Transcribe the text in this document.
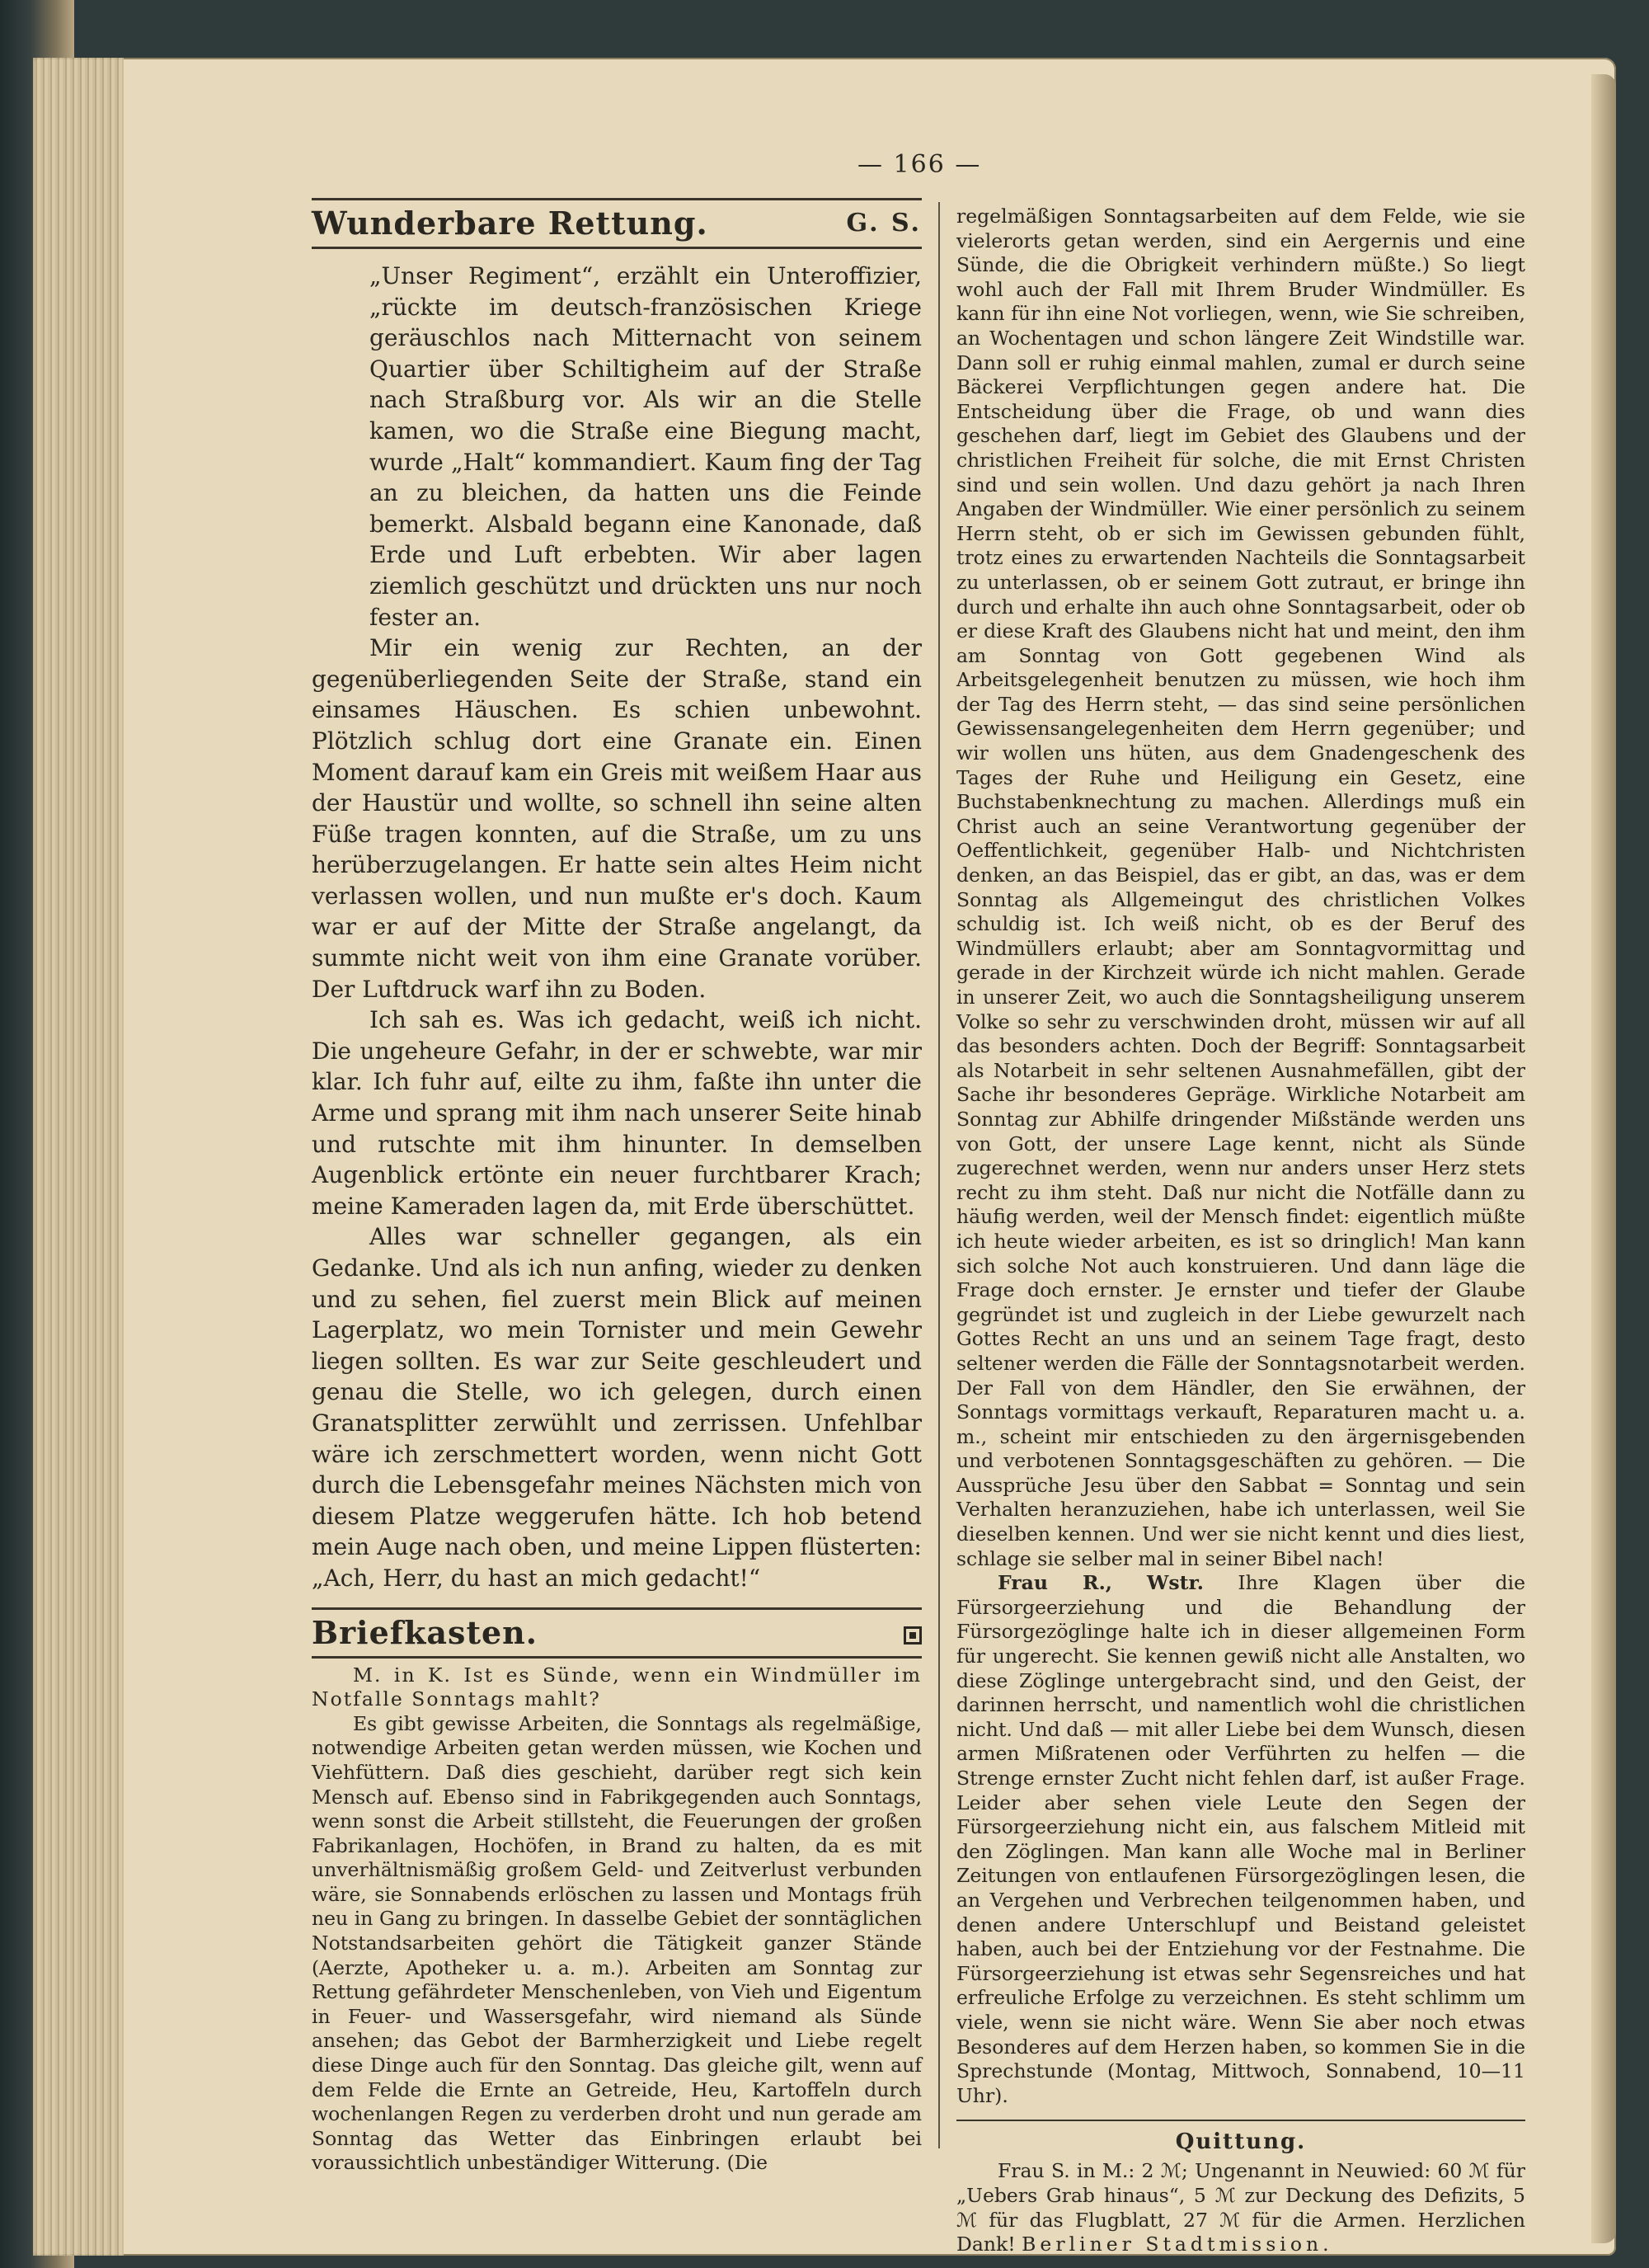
— 166 —
Wunderbare Rettung.	G. S.

„Unser Regiment“, erzählt ein Unteroffizier, „rückte im deutsch-französischen Kriege geräuschlos nach Mitternacht von seinem Quartier über Schiltigheim auf der Straße nach Straßburg vor. Als wir an die Stelle kamen, wo die Straße eine Biegung macht, wurde „Halt“ kommandiert. Kaum fing der Tag an zu bleichen, da hatten uns die Feinde bemerkt. Alsbald begann eine Kanonade, daß Erde und Luft erbebten. Wir aber lagen ziemlich geschützt und drückten uns nur noch fester an.

Mir ein wenig zur Rechten, an der gegenüberliegenden Seite der Straße, stand ein einsames Häuschen. Es schien unbewohnt. Plötzlich schlug dort eine Granate ein. Einen Moment darauf kam ein Greis mit weißem Haar aus der Haustür und wollte, so schnell ihn seine alten Füße tragen konnten, auf die Straße, um zu uns herüberzugelangen. Er hatte sein altes Heim nicht verlassen wollen, und nun mußte er's doch. Kaum war er auf der Mitte der Straße angelangt, da summte nicht weit von ihm eine Granate vorüber. Der Luftdruck warf ihn zu Boden.

Ich sah es. Was ich gedacht, weiß ich nicht. Die ungeheure Gefahr, in der er schwebte, war mir klar. Ich fuhr auf, eilte zu ihm, faßte ihn unter die Arme und sprang mit ihm nach unserer Seite hinab und rutschte mit ihm hinunter. In demselben Augenblick ertönte ein neuer furchtbarer Krach; meine Kameraden lagen da, mit Erde überschüttet.

Alles war schneller gegangen, als ein Gedanke. Und als ich nun anfing, wieder zu denken und zu sehen, fiel zuerst mein Blick auf meinen Lagerplatz, wo mein Tornister und mein Gewehr liegen sollten. Es war zur Seite geschleudert und genau die Stelle, wo ich gelegen, durch einen Granatsplitter zerwühlt und zerrissen. Unfehlbar wäre ich zerschmettert worden, wenn nicht Gott durch die Lebensgefahr meines Nächsten mich von diesem Platze weggerufen hätte. Ich hob betend mein Auge nach oben, und meine Lippen flüsterten: „Ach, Herr, du hast an mich gedacht!“

Briefkasten.

M. in K. Ist es Sünde, wenn ein Windmüller im Notfalle Sonntags mahlt?

Es gibt gewisse Arbeiten, die Sonntags als regelmäßige, notwendige Arbeiten getan werden müssen, wie Kochen und Viehfüttern. Daß dies geschieht, darüber regt sich kein Mensch auf. Ebenso sind in Fabrikgegenden auch Sonntags, wenn sonst die Arbeit stillsteht, die Feuerungen der großen Fabrikanlagen, Hochöfen, in Brand zu halten, da es mit unverhältnismäßig großem Geld- und Zeitverlust verbunden wäre, sie Sonnabends erlöschen zu lassen und Montags früh neu in Gang zu bringen. In dasselbe Gebiet der sonntäglichen Notstandsarbeiten gehört die Tätigkeit ganzer Stände (Aerzte, Apotheker u. a. m.). Arbeiten am Sonntag zur Rettung gefährdeter Menschenleben, von Vieh und Eigentum in Feuer- und Wassersgefahr, wird niemand als Sünde ansehen; das Gebot der Barmherzigkeit und Liebe regelt diese Dinge auch für den Sonntag. Das gleiche gilt, wenn auf dem Felde die Ernte an Getreide, Heu, Kartoffeln durch wochenlangen Regen zu verderben droht und nun gerade am Sonntag das Wetter das Einbringen erlaubt bei voraussichtlich unbeständiger Witterung. (Die

regelmäßigen Sonntagsarbeiten auf dem Felde, wie sie vielerorts getan werden, sind ein Aergernis und eine Sünde, die die Obrigkeit verhindern müßte.) So liegt wohl auch der Fall mit Ihrem Bruder Windmüller. Es kann für ihn eine Not vorliegen, wenn, wie Sie schreiben, an Wochentagen und schon längere Zeit Windstille war. Dann soll er ruhig einmal mahlen, zumal er durch seine Bäckerei Verpflichtungen gegen andere hat. Die Entscheidung über die Frage, ob und wann dies geschehen darf, liegt im Gebiet des Glaubens und der christlichen Freiheit für solche, die mit Ernst Christen sind und sein wollen. Und dazu gehört ja nach Ihren Angaben der Windmüller. Wie einer persönlich zu seinem Herrn steht, ob er sich im Gewissen gebunden fühlt, trotz eines zu erwartenden Nachteils die Sonntagsarbeit zu unterlassen, ob er seinem Gott zutraut, er bringe ihn durch und erhalte ihn auch ohne Sonntagsarbeit, oder ob er diese Kraft des Glaubens nicht hat und meint, den ihm am Sonntag von Gott gegebenen Wind als Arbeitsgelegenheit benutzen zu müssen, wie hoch ihm der Tag des Herrn steht, — das sind seine persönlichen Gewissensangelegenheiten dem Herrn gegenüber; und wir wollen uns hüten, aus dem Gnadengeschenk des Tages der Ruhe und Heiligung ein Gesetz, eine Buchstabenknechtung zu machen. Allerdings muß ein Christ auch an seine Verantwortung gegenüber der Oeffentlichkeit, gegenüber Halb- und Nichtchristen denken, an das Beispiel, das er gibt, an das, was er dem Sonntag als Allgemeingut des christlichen Volkes schuldig ist. Ich weiß nicht, ob es der Beruf des Windmüllers erlaubt; aber am Sonntagvormittag und gerade in der Kirchzeit würde ich nicht mahlen. Gerade in unserer Zeit, wo auch die Sonntagsheiligung unserem Volke so sehr zu verschwinden droht, müssen wir auf all das besonders achten. Doch der Begriff: Sonntagsarbeit als Notarbeit in sehr seltenen Ausnahmefällen, gibt der Sache ihr besonderes Gepräge. Wirkliche Notarbeit am Sonntag zur Abhilfe dringender Mißstände werden uns von Gott, der unsere Lage kennt, nicht als Sünde zugerechnet werden, wenn nur anders unser Herz stets recht zu ihm steht. Daß nur nicht die Notfälle dann zu häufig werden, weil der Mensch findet: eigentlich müßte ich heute wieder arbeiten, es ist so dringlich! Man kann sich solche Not auch konstruieren. Und dann läge die Frage doch ernster. Je ernster und tiefer der Glaube gegründet ist und zugleich in der Liebe gewurzelt nach Gottes Recht an uns und an seinem Tage fragt, desto seltener werden die Fälle der Sonntagsnotarbeit werden. Der Fall von dem Händler, den Sie erwähnen, der Sonntags vormittags verkauft, Reparaturen macht u. a. m., scheint mir entschieden zu den ärgernisgebenden und verbotenen Sonntagsgeschäften zu gehören. — Die Aussprüche Jesu über den Sabbat = Sonntag und sein Verhalten heranzuziehen, habe ich unterlassen, weil Sie dieselben kennen. Und wer sie nicht kennt und dies liest, schlage sie selber mal in seiner Bibel nach!

Frau R., Wstr. Ihre Klagen über die Fürsorgeerziehung und die Behandlung der Fürsorgezöglinge halte ich in dieser allgemeinen Form für ungerecht. Sie kennen gewiß nicht alle Anstalten, wo diese Zöglinge untergebracht sind, und den Geist, der darinnen herrscht, und namentlich wohl die christlichen nicht. Und daß — mit aller Liebe bei dem Wunsch, diesen armen Mißratenen oder Verführten zu helfen — die Strenge ernster Zucht nicht fehlen darf, ist außer Frage. Leider aber sehen viele Leute den Segen der Fürsorgeerziehung nicht ein, aus falschem Mitleid mit den Zöglingen. Man kann alle Woche mal in Berliner Zeitungen von entlaufenen Fürsorgezöglingen lesen, die an Vergehen und Verbrechen teilgenommen haben, und denen andere Unterschlupf und Beistand geleistet haben, auch bei der Entziehung vor der Festnahme. Die Fürsorgeerziehung ist etwas sehr Segensreiches und hat erfreuliche Erfolge zu verzeichnen. Es steht schlimm um viele, wenn sie nicht wäre. Wenn Sie aber noch etwas Besonderes auf dem Herzen haben, so kommen Sie in die Sprechstunde (Montag, Mittwoch, Sonnabend, 10—11 Uhr).

Quittung.

Frau S. in M.: 2 ℳ; Ungenannt in Neuwied: 60 ℳ für „Uebers Grab hinaus“, 5 ℳ zur Deckung des Defizits, 5 ℳ für das Flugblatt, 27 ℳ für die Armen. Herzlichen Dank! Berliner Stadtmission.
